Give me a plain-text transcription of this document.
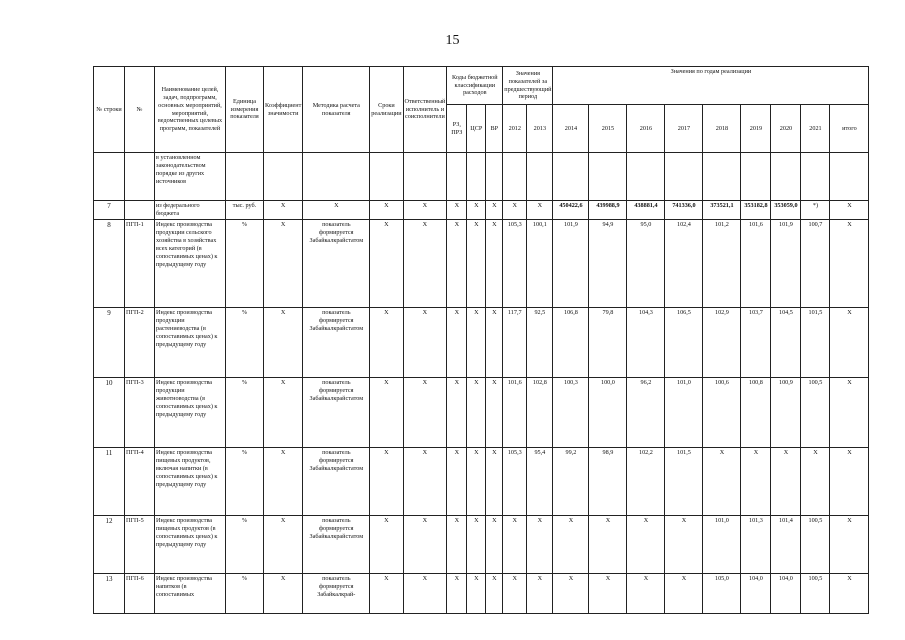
15
№ строки	№	Наименование целей, задач, подпрограмм, основных мероприятий, мероприятий, ведомственных целевых программ, показателей	Единица измерения показателя	Коэффициент значимости	Методика расчета показателя	Сроки реализации	Ответственный исполнитель и соисполнители	Коды бюджетной классификации расходов			Значения показателей за предшествующий период		Значения по годам реализации								
								РЗ, ПРЗ	ЦСР	ВР	2012	2013	2014	2015	2016	2017	2018	2019	2020	2021	итого
		в установленном законодательством порядке из других источников																			
7		из федерального бюджета	тыс. руб.	X	X	X	X	X	X	X	X	X	450422,6	439988,9	438881,4	741336,0	373521,1	353182,8	353059,0	*)	X
8	ПГП-1	Индекс производства продукции сельского хозяйства в хозяйствах всех категорий (в сопоставимых ценах) к предыдущему году	%	X	показатель формируется Забайкалкрайстатом	X	X	X	X	X	105,3	100,1	101,9	94,9	95,0	102,4	101,2	101,6	101,9	100,7	X
9	ПГП-2	Индекс производства продукции растениеводства (в сопоставимых ценах) к предыдущему году	%	X	показатель формируется Забайкалкрайстатом	X	X	X	X	X	117,7	92,5	106,8	79,8	104,3	106,5	102,9	103,7	104,5	101,5	X
10	ПГП-3	Индекс производства продукции животноводства (в сопоставимых ценах) к предыдущему году	%	X	показатель формируется Забайкалкрайстатом	X	X	X	X	X	101,6	102,8	100,3	100,0	96,2	101,0	100,6	100,8	100,9	100,5	X
11	ПГП-4	Индекс производства пищевых продуктов, включая напитки (в сопоставимых ценах) к предыдущему году	%	X	показатель формируется Забайкалкрайстатом	X	X	X	X	X	105,3	95,4	99,2	98,9	102,2	101,5	X	X	X	X	X
12	ПГП-5	Индекс производства пищевых продуктов (в сопоставимых ценах) к предыдущему году	%	X	показатель формируется Забайкалкрайстатом	X	X	X	X	X	X	X	X	X	X	X	101,0	101,3	101,4	100,5	X
13	ПГП-6	Индекс производства напитков (в сопоставимых	%	X	показатель формируется Забайкалкрай-	X	X	X	X	X	X	X	X	X	X	X	105,0	104,0	104,0	100,5	X
